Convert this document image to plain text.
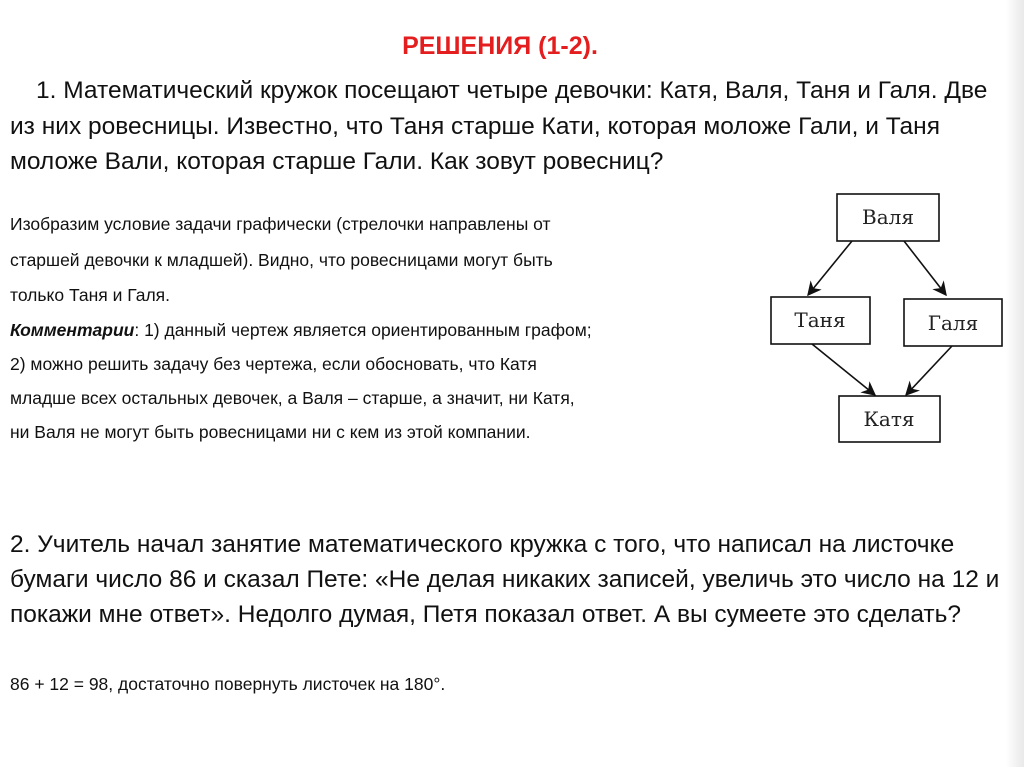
РЕШЕНИЯ (1-2).

1. Математический кружок посещают четыре девочки: Катя, Валя, Таня и Галя. Две из них ровесницы. Известно, что Таня старше Кати, которая моложе Гали, и Таня моложе Вали, которая старше Гали. Как зовут ровесниц?

Изобразим условие задачи графически (стрелочки направлены от

старшей девочки к младшей). Видно, что ровесницами могут быть

только Таня и Галя.

Комментарии: 1) данный чертеж является ориентированным графом;

2) можно решить задачу без чертежа, если обосновать, что Катя

младше всех остальных девочек, а Валя – старше, а значит, ни Катя,

ни Валя не могут быть ровесницами ни с кем из этой компании.

Валя
Таня	Галя
Катя

2. Учитель начал занятие математического кружка с того, что написал на листочке бумаги число 86 и сказал Пете: «Не делая никаких записей, увеличь это число на 12 и покажи мне ответ». Недолго думая, Петя показал ответ. А вы сумеете это сделать?

86 + 12 = 98, достаточно повернуть листочек на 180°.
